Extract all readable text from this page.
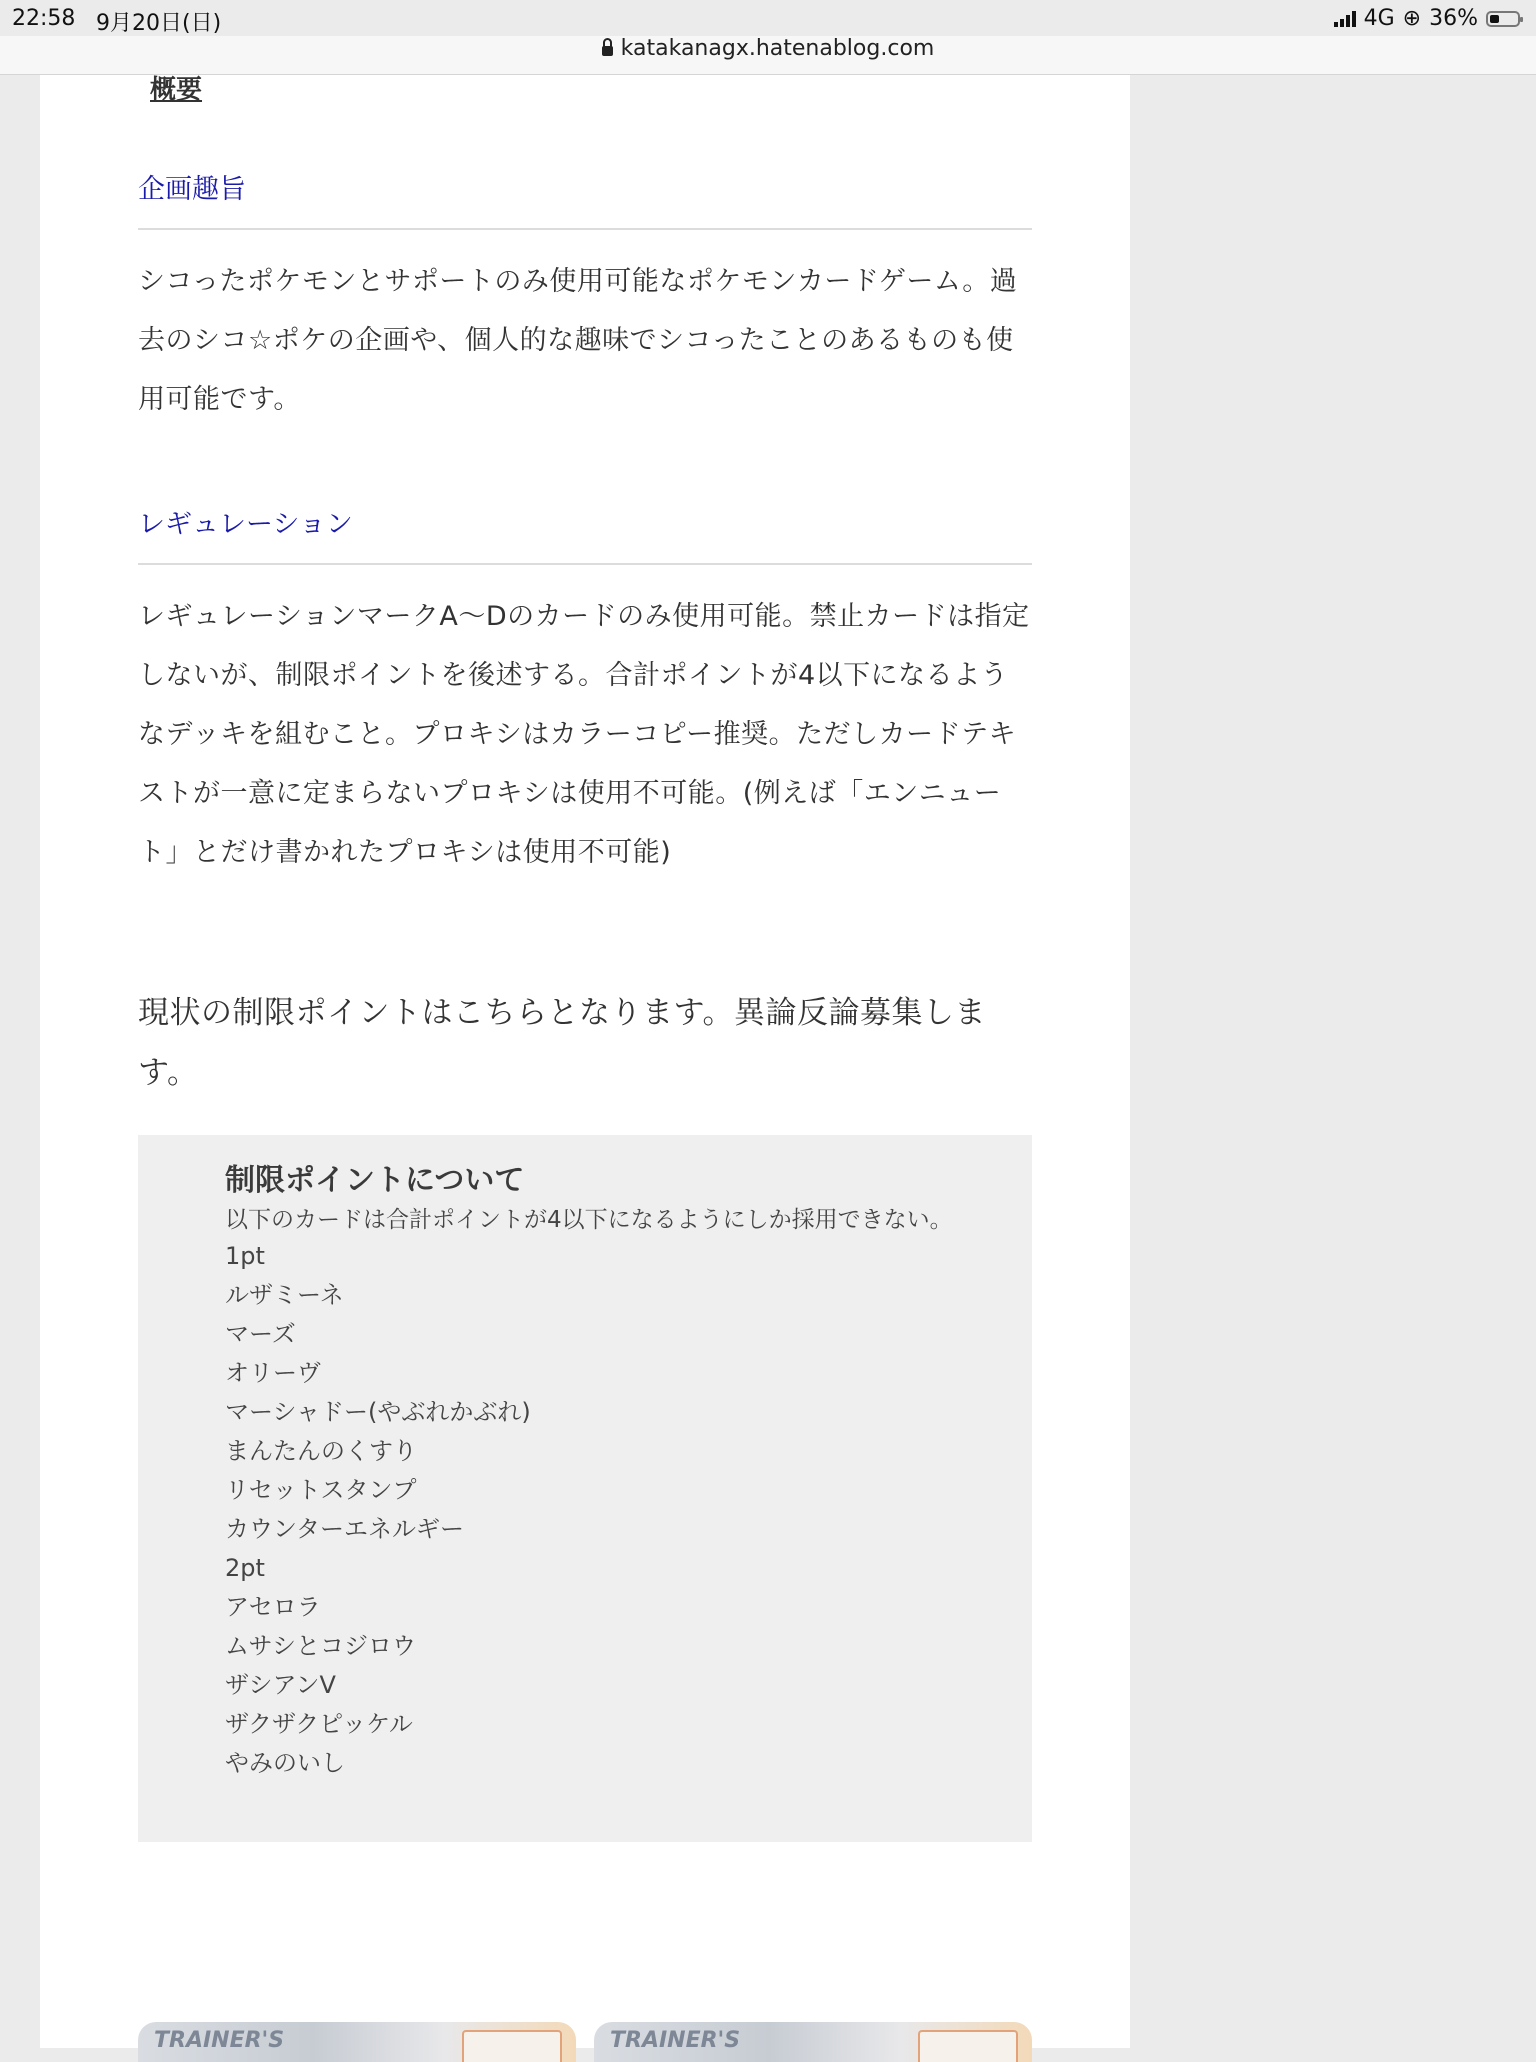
22:58 9月20日(日)	4G ⊕ 36%
katakanagx.hatenablog.com
概要
企画趣旨

シコったポケモンとサポートのみ使用可能なポケモンカードゲーム。過去のシコ☆ポケの企画や、個人的な趣味でシコったことのあるものも使用可能です。

レギュレーション

レギュレーションマークA〜Dのカードのみ使用可能。禁止カードは指定しないが、制限ポイントを後述する。合計ポイントが4以下になるようなデッキを組むこと。プロキシはカラーコピー推奨。ただしカードテキストが一意に定まらないプロキシは使用不可能。(例えば「エンニュート」とだけ書かれたプロキシは使用不可能)

現状の制限ポイントはこちらとなります。異論反論募集します。

制限ポイントについて
以下のカードは合計ポイントが4以下になるようにしか採用できない。
1pt
ルザミーネ
マーズ
オリーヴ
マーシャドー(やぶれかぶれ)
まんたんのくすり
リセットスタンプ
カウンターエネルギー
2pt
アセロラ
ムサシとコジロウ
ザシアンV
ザクザクピッケル
やみのいし
TRAINER'S	TRAINER'S
